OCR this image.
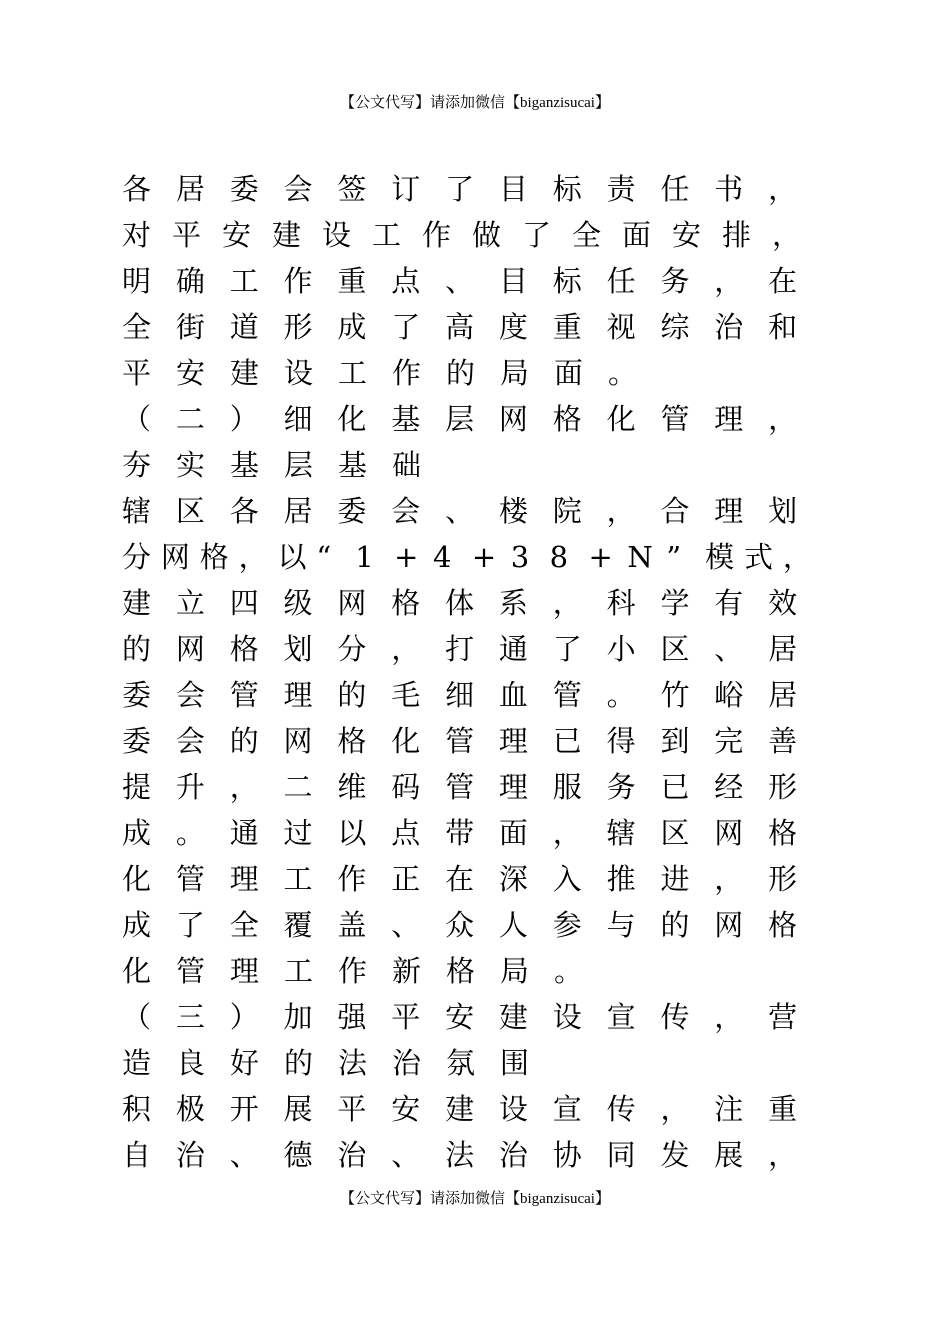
【公文代写】请添加微信【biganzisucai】
各 居 委 会 签 订 了 目 标 责 任 书 ，
对 平 安 建 设 工 作 做 了 全 面 安 排 ，
明 确 工 作 重 点 、 目 标 任 务 ， 在
全 街 道 形 成 了 高 度 重 视 综 治 和
平 安 建 设 工 作 的 局 面 。
（ 二 ） 细 化 基 层 网 格 化 管 理 ，
夯 实 基 层 基 础
辖 区 各 居 委 会 、 楼 院 ， 合 理 划
分 网 格 ， 以 “ 1 + 4 + 3 8 + N ” 模 式 ，
建 立 四 级 网 格 体 系 ， 科 学 有 效
的 网 格 划 分 ， 打 通 了 小 区 、 居
委 会 管 理 的 毛 细 血 管 。 竹 峪 居
委 会 的 网 格 化 管 理 已 得 到 完 善
提 升 ， 二 维 码 管 理 服 务 已 经 形
成 。 通 过 以 点 带 面 ， 辖 区 网 格
化 管 理 工 作 正 在 深 入 推 进 ， 形
成 了 全 覆 盖 、 众 人 参 与 的 网 格
化 管 理 工 作 新 格 局 。
（ 三 ） 加 强 平 安 建 设 宣 传 ， 营
造 良 好 的 法 治 氛 围
积 极 开 展 平 安 建 设 宣 传 ， 注 重
自 治 、 德 治 、 法 治 协 同 发 展 ，
【公文代写】请添加微信【biganzisucai】
